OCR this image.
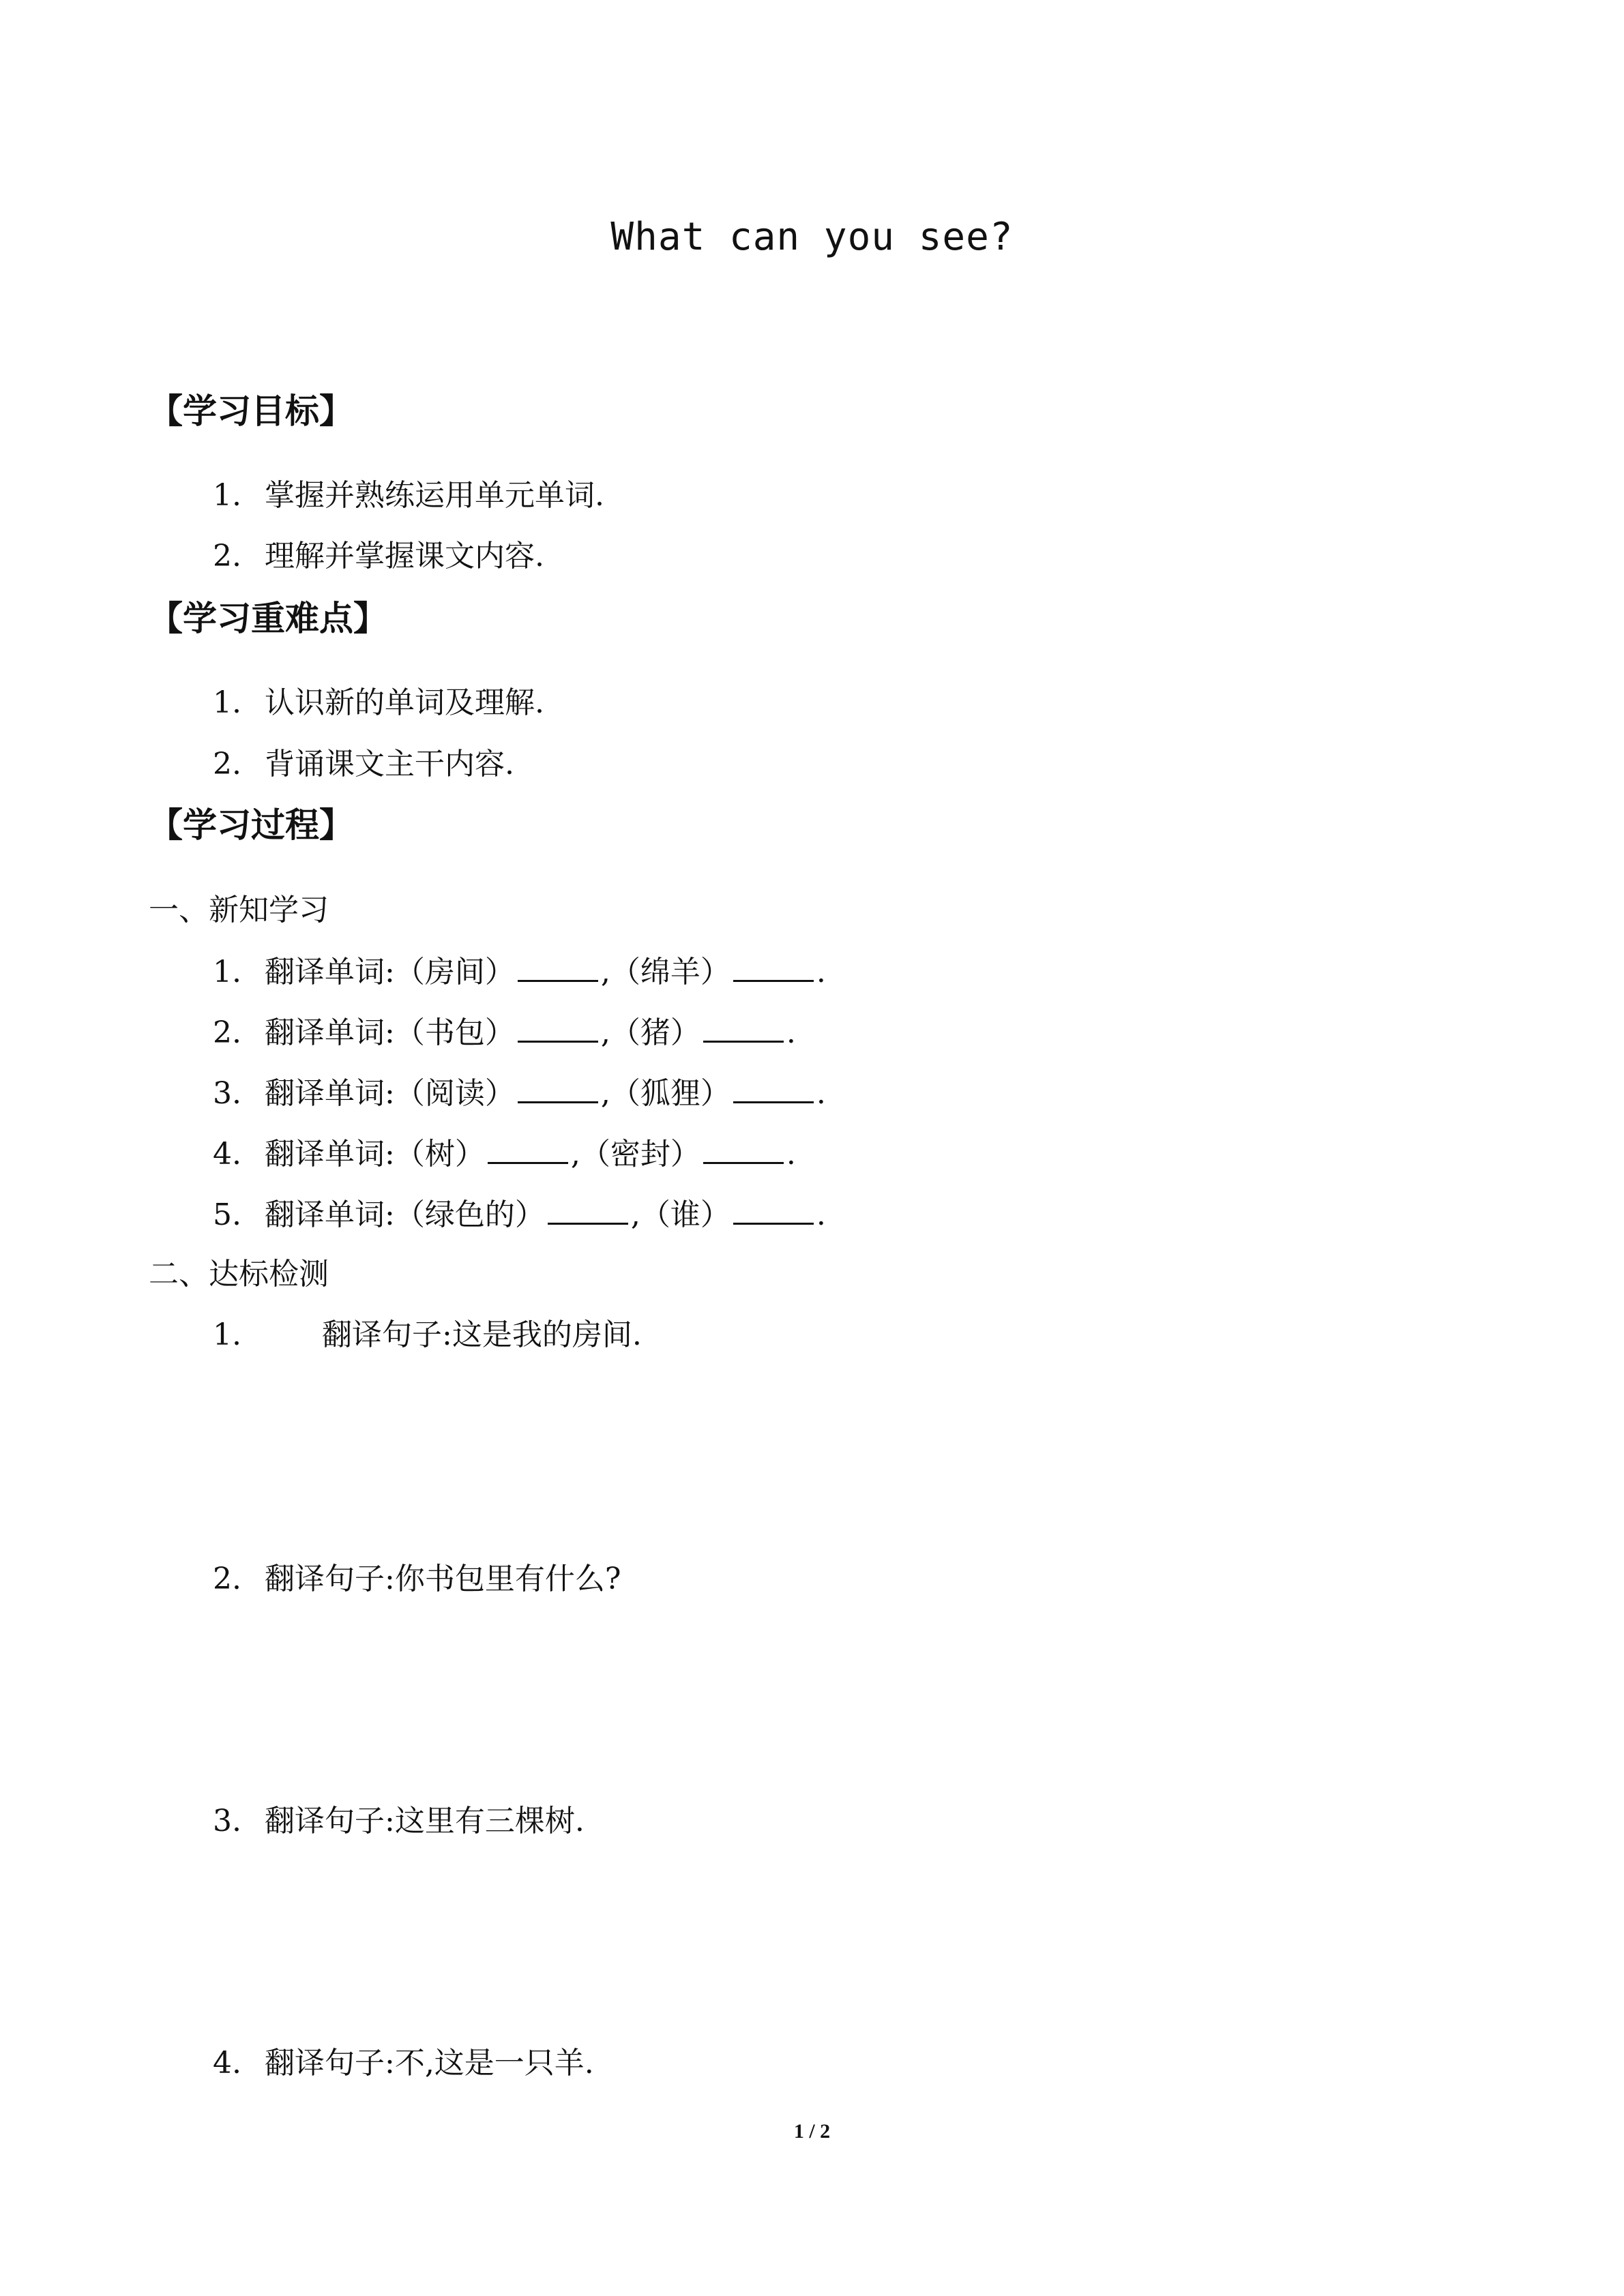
What can you see?
【学习目标】
1. 掌握并熟练运用单元单词.
2. 理解并掌握课文内容.
【学习重难点】
1. 认识新的单词及理解.
2. 背诵课文主干内容.
【学习过程】
一、新知学习
1. 翻译单词:（房间）	,（绵羊）	.
2. 翻译单词:（书包）	,（猪）	.
3. 翻译单词:（阅读）	,（狐狸）	.
4. 翻译单词:（树）	,（密封）	.
5. 翻译单词:（绿色的）	,（谁）	.
二、达标检测
1.	翻译句子:这是我的房间.
2. 翻译句子:你书包里有什么?
3. 翻译句子:这里有三棵树.
4. 翻译句子:不,这是一只羊.
1 / 2
